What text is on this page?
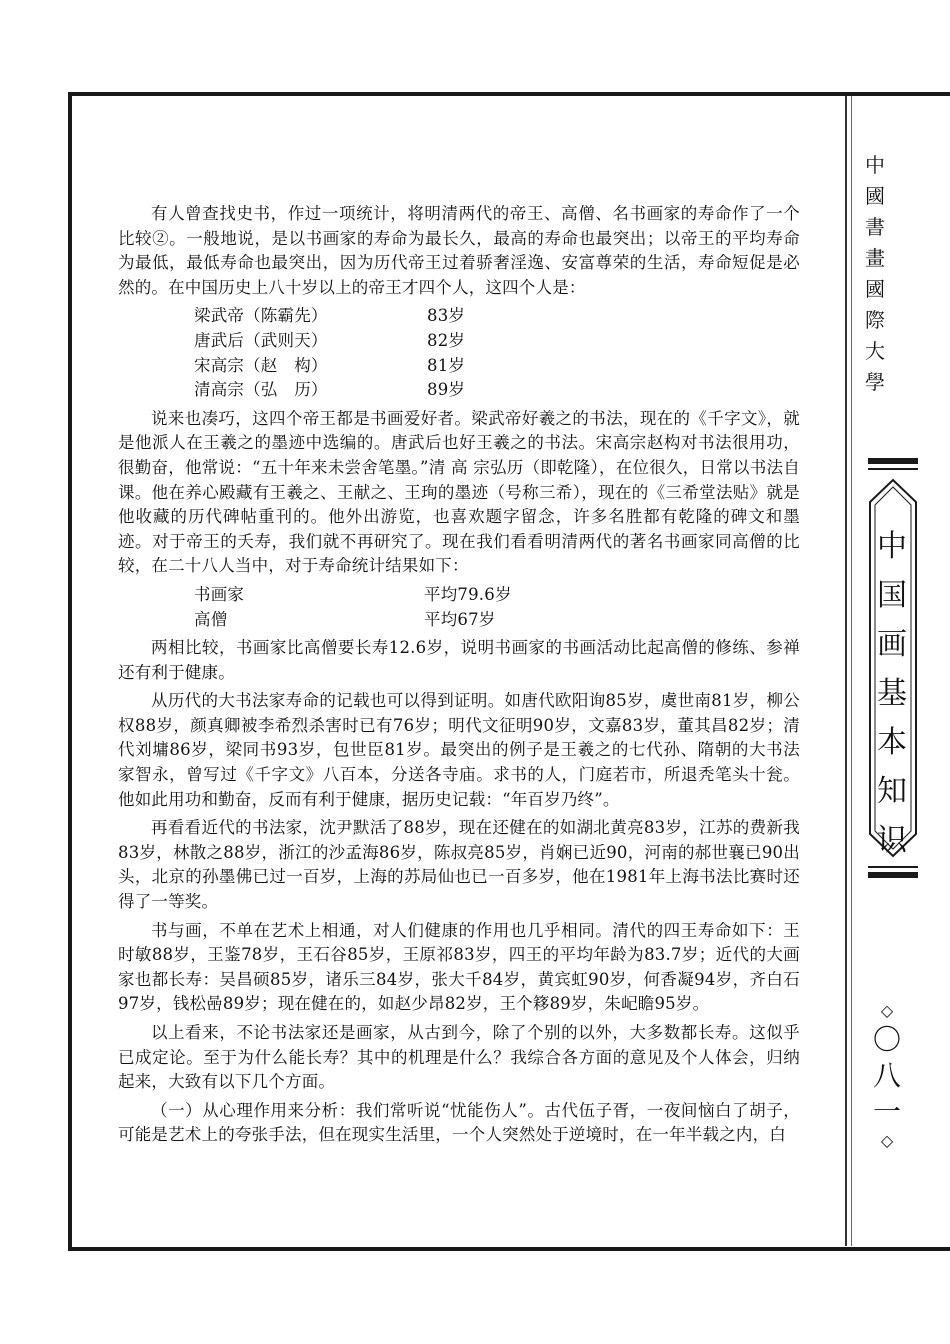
有人曾查找史书，作过一项统计，将明清两代的帝王、高僧、名书画家的寿命作了一个比较②。一般地说，是以书画家的寿命为最长久，最高的寿命也最突出；以帝王的平均寿命为最低，最低寿命也最突出，因为历代帝王过着骄奢淫逸、安富尊荣的生活，寿命短促是必然的。在中国历史上八十岁以上的帝王才四个人，这四个人是：

梁武帝（陈霸先）	83岁
唐武后（武则天）	82岁
宋高宗（赵　构）	81岁
清高宗（弘　历）	89岁

说来也凑巧，这四个帝王都是书画爱好者。梁武帝好羲之的书法，现在的《千字文》，就是他派人在王羲之的墨迹中选编的。唐武后也好王羲之的书法。宋高宗赵构对书法很用功，很勤奋，他常说：“五十年来未尝舍笔墨。”清 高 宗弘历（即乾隆），在位很久，日常以书法自课。他在养心殿藏有王羲之、王献之、王珣的墨迹（号称三希），现在的《三希堂法贴》就是他收藏的历代碑帖重刊的。他外出游览，也喜欢题字留念，许多名胜都有乾隆的碑文和墨迹。对于帝王的夭寿，我们就不再研究了。现在我们看看明清两代的著名书画家同高僧的比较，在二十八人当中，对于寿命统计结果如下：

书画家	平均79.6岁
高僧	平均67岁

两相比较，书画家比高僧要长寿12.6岁，说明书画家的书画活动比起高僧的修练、参禅还有利于健康。

从历代的大书法家寿命的记载也可以得到证明。如唐代欧阳询85岁，虞世南81岁，柳公权88岁，颜真卿被李希烈杀害时已有76岁；明代文征明90岁，文嘉83岁，董其昌82岁；清代刘墉86岁，梁同书93岁，包世臣81岁。最突出的例子是王羲之的七代孙、隋朝的大书法家智永，曾写过《千字文》八百本，分送各寺庙。求书的人，门庭若市，所退秃笔头十瓮。他如此用功和勤奋，反而有利于健康，据历史记载：“年百岁乃终”。

再看看近代的书法家，沈尹默活了88岁，现在还健在的如湖北黄亮83岁，江苏的费新我83岁，林散之88岁，浙江的沙孟海86岁，陈叔亮85岁，肖娴已近90，河南的郝世襄已90出头，北京的孙墨佛已过一百岁，上海的苏局仙也已一百多岁，他在1981年上海书法比赛时还得了一等奖。

书与画，不单在艺术上相通，对人们健康的作用也几乎相同。清代的四王寿命如下：王时敏88岁，王鉴78岁，王石谷85岁，王原祁83岁，四王的平均年龄为83.7岁；近代的大画家也都长寿：吴昌硕85岁，诸乐三84岁，张大千84岁，黄宾虹90岁，何香凝94岁，齐白石97岁，钱松喦89岁；现在健在的，如赵少昂82岁，王个簃89岁，朱屺瞻95岁。

以上看来，不论书法家还是画家，从古到今，除了个别的以外，大多数都长寿。这似乎已成定论。至于为什么能长寿？其中的机理是什么？我综合各方面的意见及个人体会，归纳起来，大致有以下几个方面。

（一）从心理作用来分析：我们常听说“忧能伤人”。古代伍子胥，一夜间恼白了胡子，可能是艺术上的夸张手法，但在现实生活里，一个人突然处于逆境时，在一年半载之内，白

中
國
書
畫
國
際
大
學
中
国
画
基
本
知
识
◇
〇
八
一
◇
